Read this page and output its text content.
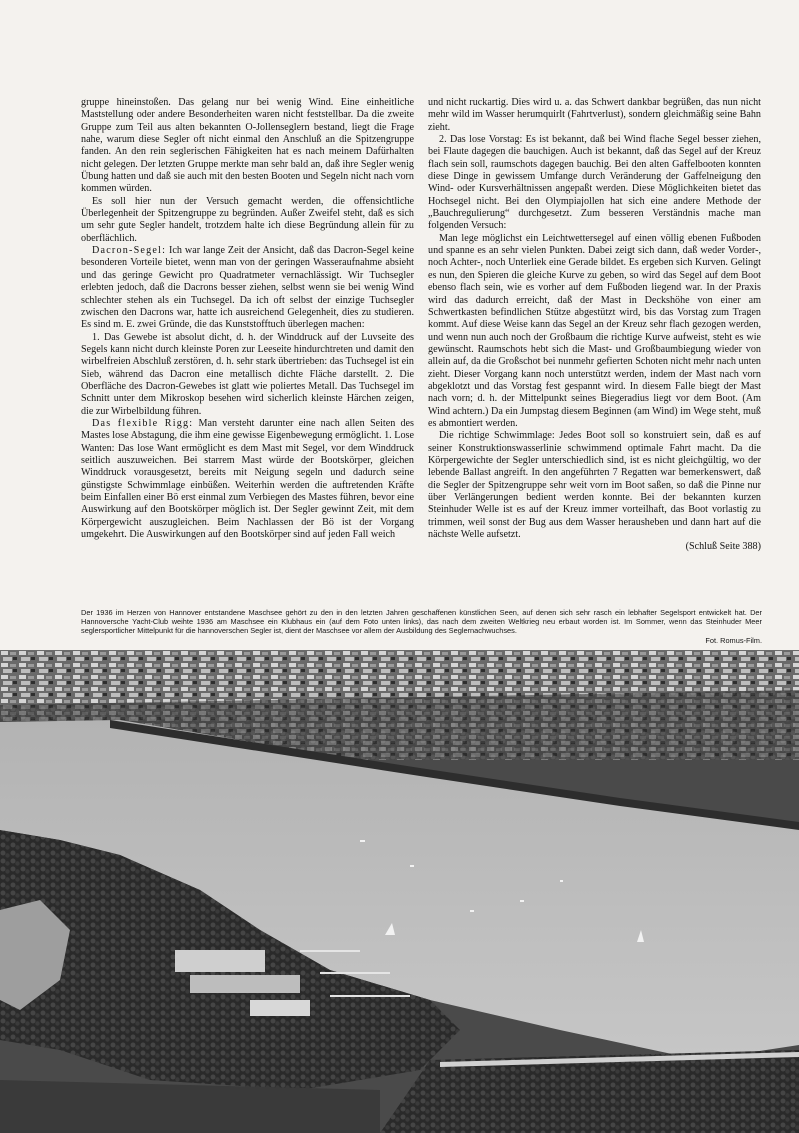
gruppe hineinstoßen. Das gelang nur bei wenig Wind. Eine einheitliche Maststellung oder andere Besonderheiten waren nicht feststellbar. Da die zweite Gruppe zum Teil aus alten bekannten O-Jollenseglern bestand, liegt die Frage nahe, warum diese Segler oft nicht einmal den Anschluß an die Spitzengruppe fanden. An den rein seglerischen Fähigkeiten hat es nach meinem Dafürhalten nicht gelegen. Der letzten Gruppe merkte man sehr bald an, daß ihre Segler wenig Übung hatten und daß sie auch mit den besten Booten und Segeln nicht nach vorn kommen würden.

Es soll hier nun der Versuch gemacht werden, die offensichtliche Überlegenheit der Spitzengruppe zu begründen. Außer Zweifel steht, daß es sich um sehr gute Segler handelt, trotzdem halte ich diese Begründung allein für zu oberflächlich.

Dacron-Segel: Ich war lange Zeit der Ansicht, daß das Dacron-Segel keine besonderen Vorteile bietet, wenn man von der geringen Wasseraufnahme absieht und das geringe Gewicht pro Quadratmeter vernachlässigt. Wir Tuchsegler erlebten jedoch, daß die Dacrons besser ziehen, selbst wenn sie bei wenig Wind schlechter stehen als ein Tuchsegel. Da ich oft selbst der einzige Tuchsegler zwischen den Dacrons war, hatte ich ausreichend Gelegenheit, dies zu studieren. Es sind m. E. zwei Gründe, die das Kunststofftuch überlegen machen:

1. Das Gewebe ist absolut dicht, d. h. der Winddruck auf der Luvseite des Segels kann nicht durch kleinste Poren zur Leeseite hindurchtreten und damit den wirbelfreien Abschluß zerstören, d. h. sehr stark übertrieben: das Tuchsegel ist ein Sieb, während das Dacron eine metallisch dichte Fläche darstellt. 2. Die Oberfläche des Dacron-Gewebes ist glatt wie poliertes Metall. Das Tuchsegel im Schnitt unter dem Mikroskop besehen wird sicherlich kleinste Härchen zeigen, die zur Wirbelbildung führen.

Das flexible Rigg: Man versteht darunter eine nach allen Seiten des Mastes lose Abstagung, die ihm eine gewisse Eigenbewegung ermöglicht. 1. Lose Wanten: Das lose Want ermöglicht es dem Mast mit Segel, vor dem Winddruck seitlich auszuweichen. Bei starrem Mast würde der Bootskörper, gleichen Winddruck vorausgesetzt, bereits mit Neigung segeln und dadurch seine günstigste Schwimmlage einbüßen. Weiterhin werden die auftretenden Kräfte beim Einfallen einer Bö erst einmal zum Verbiegen des Mastes führen, bevor eine Auswirkung auf den Bootskörper möglich ist. Der Segler gewinnt Zeit, mit dem Körpergewicht auszugleichen. Beim Nachlassen der Bö ist der Vorgang umgekehrt. Die Auswirkungen auf den Bootskörper sind auf jeden Fall weich

und nicht ruckartig. Dies wird u. a. das Schwert dankbar begrüßen, das nun nicht mehr wild im Wasser herumquirlt (Fahrtverlust), sondern gleichmäßig seine Bahn zieht.

2. Das lose Vorstag: Es ist bekannt, daß bei Wind flache Segel besser ziehen, bei Flaute dagegen die bauchigen. Auch ist bekannt, daß das Segel auf der Kreuz flach sein soll, raumschots dagegen bauchig. Bei den alten Gaffelbooten konnten diese Dinge in gewissem Umfange durch Veränderung der Gaffelneigung den Wind- oder Kursverhältnissen angepaßt werden. Diese Möglichkeiten bietet das Hochsegel nicht. Bei den Olympiajollen hat sich eine andere Methode der „Bauchregulierung“ durchgesetzt. Zum besseren Verständnis mache man folgenden Versuch:

Man lege möglichst ein Leichtwettersegel auf einen völlig ebenen Fußboden und spanne es an sehr vielen Punkten. Dabei zeigt sich dann, daß weder Vorder-, noch Achter-, noch Unterliek eine Gerade bildet. Es ergeben sich Kurven. Gelingt es nun, den Spieren die gleiche Kurve zu geben, so wird das Segel auf dem Boot ebenso flach sein, wie es vorher auf dem Fußboden liegend war. In der Praxis wird das dadurch erreicht, daß der Mast in Deckshöhe von einer am Schwertkasten befindlichen Stütze abgestützt wird, bis das Vorstag zum Tragen kommt. Auf diese Weise kann das Segel an der Kreuz sehr flach gezogen werden, und wenn nun auch noch der Großbaum die richtige Kurve aufweist, steht es wie gewünscht. Raumschots hebt sich die Mast- und Großbaumbiegung wieder von allein auf, da die Großschot bei nunmehr gefierten Schoten nicht mehr nach unten zieht. Dieser Vorgang kann noch unterstützt werden, indem der Mast nach vorn abgeklotzt und das Vorstag fest gespannt wird. In diesem Falle biegt der Mast nach vorn; d. h. der Mittelpunkt seines Biegeradius liegt vor dem Boot. (Am Wind achtern.) Da ein Jumpstag diesem Beginnen (am Wind) im Wege steht, muß es abmontiert werden.

Die richtige Schwimmlage: Jedes Boot soll so konstruiert sein, daß es auf seiner Konstruktionswasserlinie schwimmend optimale Fahrt macht. Da die Körpergewichte der Segler unterschiedlich sind, ist es nicht gleichgültig, wo der lebende Ballast angreift. In den angeführten 7 Regatten war bemerkenswert, daß die Segler der Spitzengruppe sehr weit vorn im Boot saßen, so daß die Pinne nur über Verlängerungen bedient werden konnte. Bei der bekannten kurzen Steinhuder Welle ist es auf der Kreuz immer vorteilhaft, das Boot vorlastig zu trimmen, weil sonst der Bug aus dem Wasser herausheben und dann hart auf die nächste Welle aufsetzt.

(Schluß Seite 388)

Der 1936 im Herzen von Hannover entstandene Maschsee gehört zu den in den letzten Jahren geschaffenen künstlichen Seen, auf denen sich sehr rasch ein lebhafter Segelsport entwickelt hat. Der Hannoversche Yacht-Club weihte 1936 am Maschsee ein Klubhaus ein (auf dem Foto unten links), das nach dem zweiten Weltkrieg neu erbaut worden ist. Im Sommer, wenn das Steinhuder Meer seglersportlicher Mittelpunkt für die hannoverschen Segler ist, dient der Maschsee vor allem der Ausbildung des Seglernachwuchses.
Fot. Romus-Film.
